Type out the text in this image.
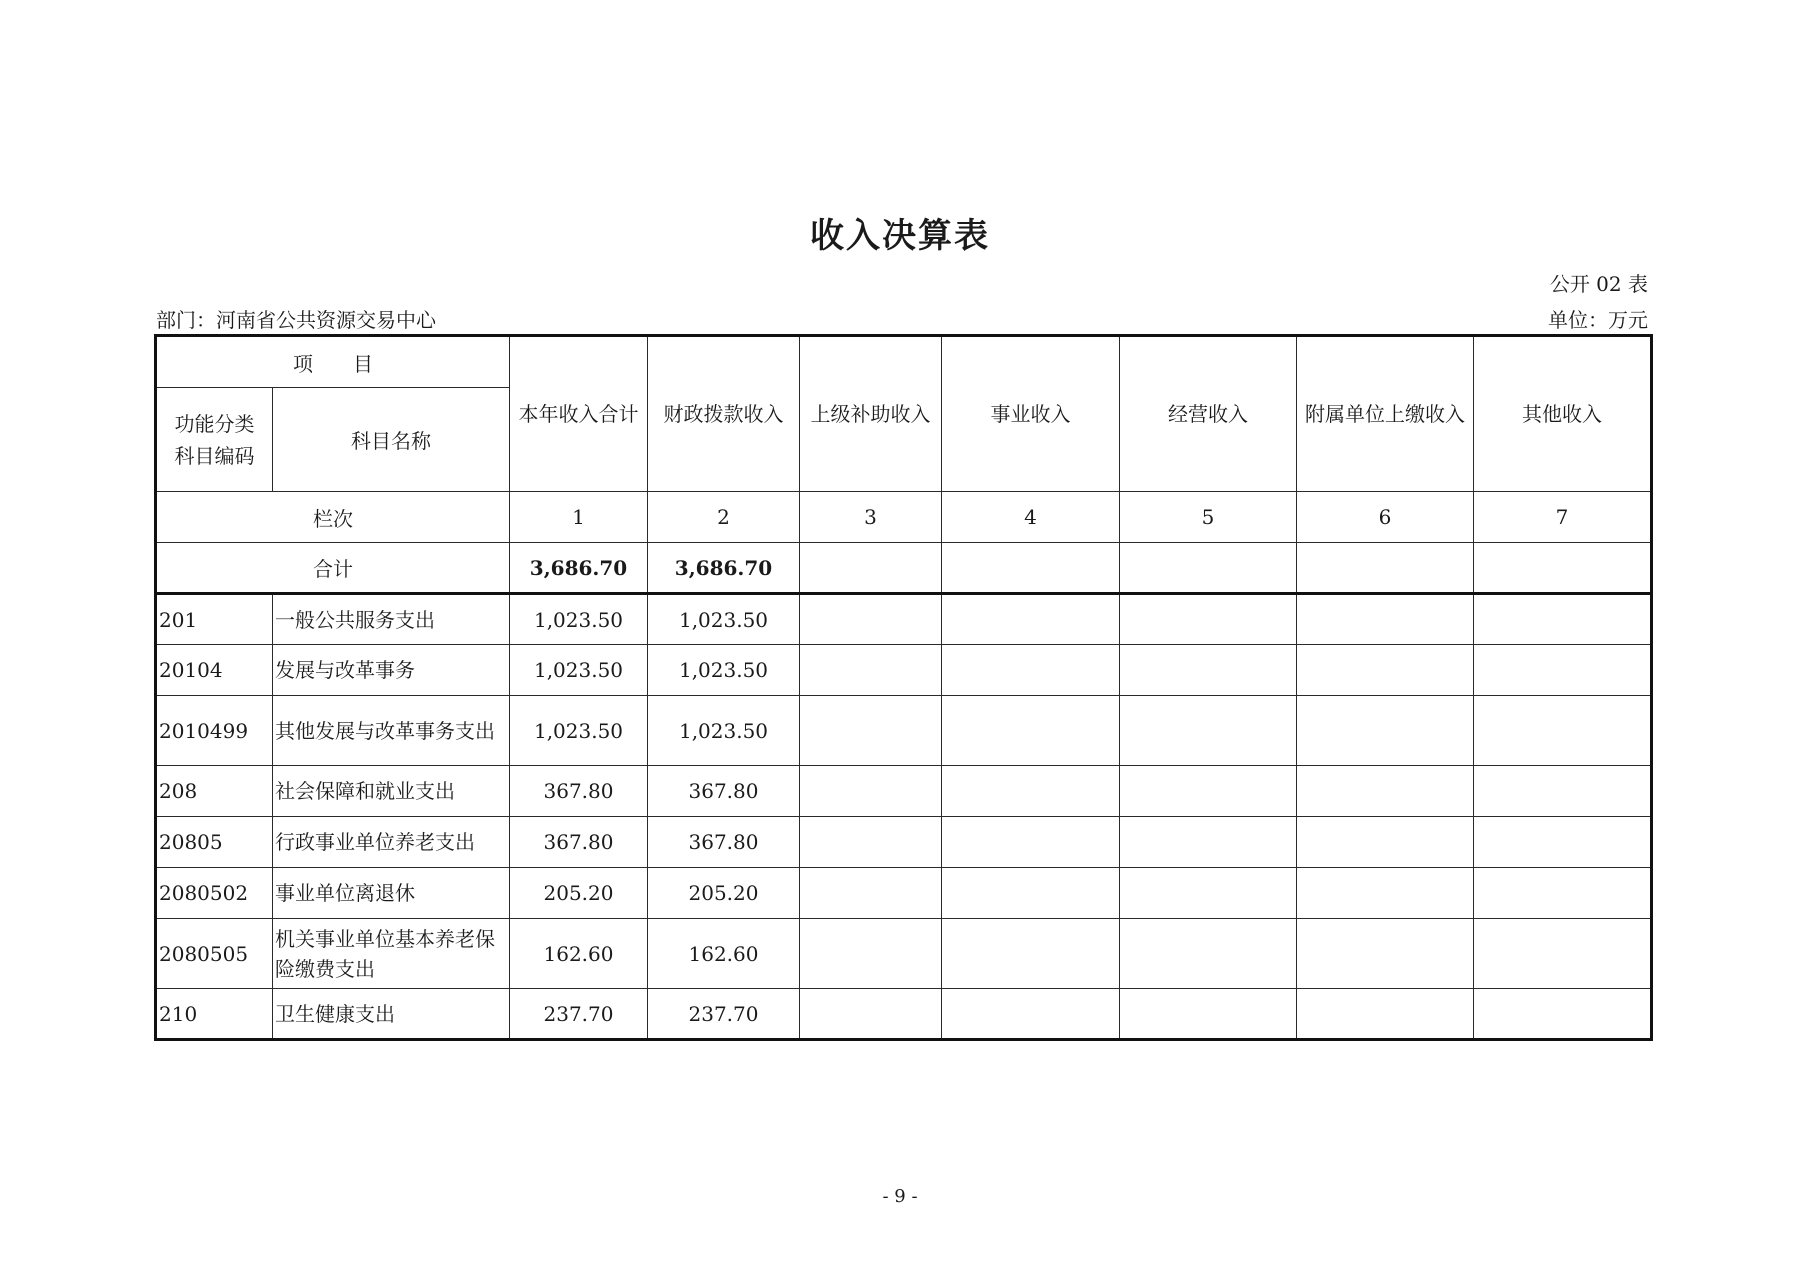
收入决算表
公开 02 表
部门：河南省公共资源交易中心	单位：万元
项　　目		本年收入合计	财政拨款收入	上级补助收入	事业收入	经营收入	附属单位上缴收入	其他收入
功能分类
科目编码	科目名称							
栏次		1	2	3	4	5	6	7
合计		3,686.70	3,686.70					
201	一般公共服务支出	1,023.50	1,023.50					
20104	发展与改革事务	1,023.50	1,023.50					
2010499	其他发展与改革事务支出	1,023.50	1,023.50					
208	社会保障和就业支出	367.80	367.80					
20805	行政事业单位养老支出	367.80	367.80					
2080502	事业单位离退休	205.20	205.20					
2080505	机关事业单位基本养老保险缴费支出	162.60	162.60					
210	卫生健康支出	237.70	237.70					
- 9 -
